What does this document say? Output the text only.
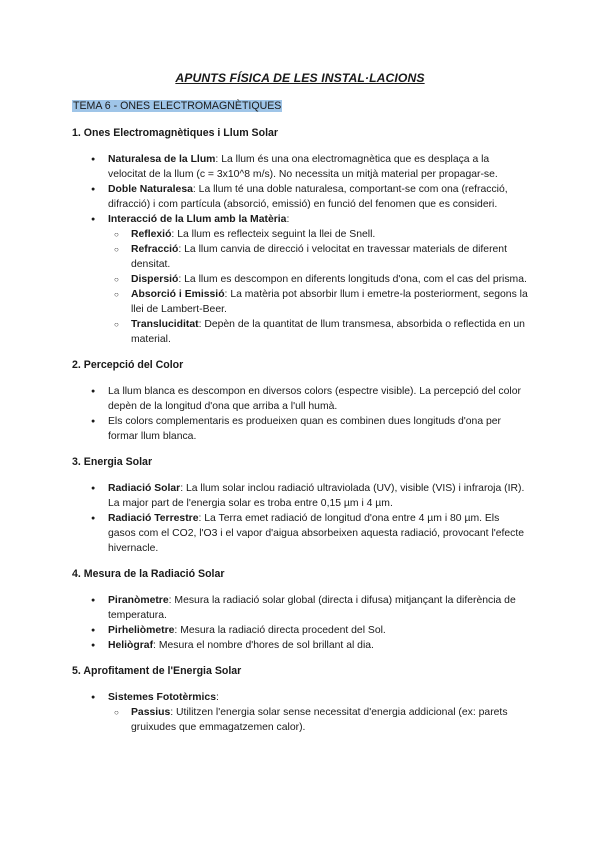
APUNTS FÍSICA DE LES INSTAL·LACIONS
TEMA 6 - ONES ELECTROMAGNÈTIQUES
1. Ones Electromagnètiques i Llum Solar
● Naturalesa de la Llum: La llum és una ona electromagnètica que es desplaça a la velocitat de la llum (c = 3x10^8 m/s). No necessita un mitjà material per propagar-se.
● Doble Naturalesa: La llum té una doble naturalesa, comportant-se com ona (refracció, difracció) i com partícula (absorció, emissió) en funció del fenomen que es consideri.
● Interacció de la Llum amb la Matèria:
○ Reflexió: La llum es reflecteix seguint la llei de Snell.
○ Refracció: La llum canvia de direcció i velocitat en travessar materials de diferent densitat.
○ Dispersió: La llum es descompon en diferents longituds d'ona, com el cas del prisma.
○ Absorció i Emissió: La matèria pot absorbir llum i emetre-la posteriorment, segons la llei de Lambert-Beer.
○ Transluciditat: Depèn de la quantitat de llum transmesa, absorbida o reflectida en un material.
2. Percepció del Color
● La llum blanca es descompon en diversos colors (espectre visible). La percepció del color depèn de la longitud d'ona que arriba a l'ull humà.
● Els colors complementaris es produeixen quan es combinen dues longituds d'ona per formar llum blanca.
3. Energia Solar
● Radiació Solar: La llum solar inclou radiació ultraviolada (UV), visible (VIS) i infraroja (IR). La major part de l'energia solar es troba entre 0,15 µm i 4 µm.
● Radiació Terrestre: La Terra emet radiació de longitud d'ona entre 4 µm i 80 µm. Els gasos com el CO2, l'O3 i el vapor d'aigua absorbeixen aquesta radiació, provocant l'efecte hivernacle.
4. Mesura de la Radiació Solar
● Piranòmetre: Mesura la radiació solar global (directa i difusa) mitjançant la diferència de temperatura.
● Pirheliòmetre: Mesura la radiació directa procedent del Sol.
● Heliògraf: Mesura el nombre d'hores de sol brillant al dia.
5. Aprofitament de l'Energia Solar
● Sistemes Fototèrmics:
○ Passius: Utilitzen l'energia solar sense necessitat d'energia addicional (ex: parets gruixudes que emmagatzemen calor).
